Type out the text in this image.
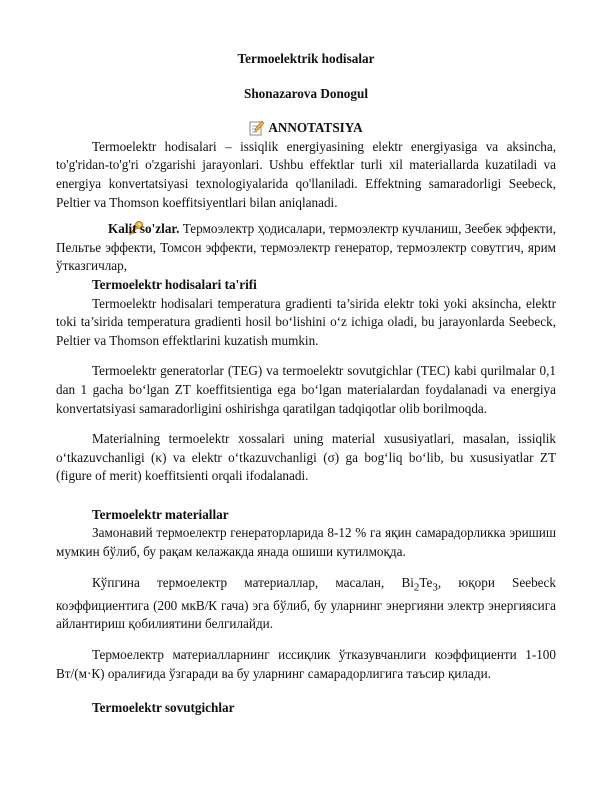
Termoelektrik hodisalar
Shonazarova Donogul
ANNOTATSIYA

Termoelektr hodisalari – issiqlik energiyasining elektr energiyasiga va aksincha, to'g'ridan-to'g'ri o'zgarishi jarayonlari. Ushbu effektlar turli xil materiallarda kuzatiladi va energiya konvertatsiyasi texnologiyalarida qo'llaniladi. Effektning samaradorligi Seebeck, Peltier va Thomson koeffitsiyentlari bilan aniqlanadi.

Kalit so'zlar. Термоэлектр ҳодисалари, термоэлектр кучланиш, Зеебек эффекти, Пельтье эффекти, Томсон эффекти, термоэлектр генератор, термоэлектр совутгич, ярим ўтказгичлар,

Termoelektr hodisalari ta'rifi

Termoelektr hodisalari temperatura gradienti ta’sirida elektr toki yoki aksincha, elektr toki ta’sirida temperatura gradienti hosil bo‘lishini o‘z ichiga oladi, bu jarayonlarda Seebeck, Peltier va Thomson effektlarini kuzatish mumkin.

Termoelektr generatorlar (TEG) va termoelektr sovutgichlar (TEC) kabi qurilmalar 0,1 dan 1 gacha bo‘lgan ZT koeffitsientiga ega bo‘lgan materialardan foydalanadi va energiya konvertatsiyasi samaradorligini oshirishga qaratilgan tadqiqotlar olib borilmoqda.

Materialning termoelektr xossalari uning material xususiyatlari, masalan, issiqlik o‘tkazuvchanligi (κ) va elektr o‘tkazuvchanligi (σ) ga bog‘liq bo‘lib, bu xususiyatlar ZT (figure of merit) koeffitsienti orqali ifodalanadi.

Termoelektr materiallar

Замонавий термоелектр генераторларида 8-12 % га яқин самарадорликка эришиш мумкин бўлиб, бу рақам келажакда янада ошиши кутилмоқда.

Кўпгина термоелектр материаллар, масалан, $Bi_2Te_3$, юқори Seebeck коэффициентига (200 мкВ/К гача) эга бўлиб, бу уларнинг энергияни электр энергиясига айлантириш қобилиятини белгилайди.

Термоелектр материалларнинг иссиқлик ўтказувчанлиги коэффициенти 1-100 Вт/(м·К) оралиғида ўзгаради ва бу уларнинг самарадорлигига таъсир қилади.

Termoelektr sovutgichlar
